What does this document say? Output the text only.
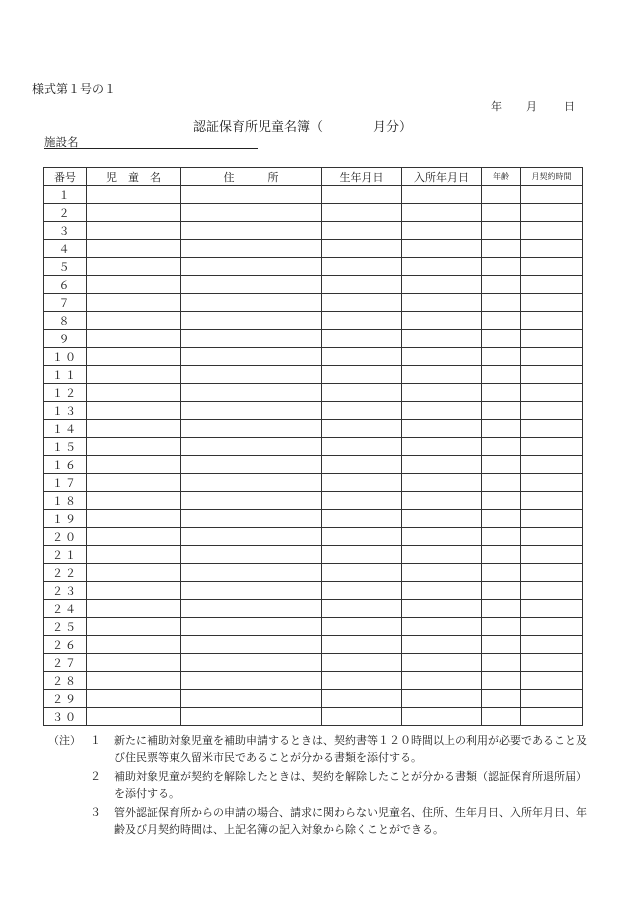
様式第１号の１
年 月 日
認証保育所児童名簿（	月分）
施設名
番号	児　童　名	住　　　所	生年月日	入所年月日	年齢	月契約時間
１						
２						
３						
４						
５						
６						
７						
８						
９						
１０						
１１						
１２						
１３						
１４						
１５						
１６						
１７						
１８						
１９						
２０						
２１						
２２						
２３						
２４						
２５						
２６						
２７						
２８						
２９						
３０						
（注） １	新たに補助対象児童を補助申請するときは、契約書等１２０時間以上の利用が必要であること及び住民票等東久留米市民であることが分かる書類を添付する。
２	補助対象児童が契約を解除したときは、契約を解除したことが分かる書類（認証保育所退所届）を添付する。
３	管外認証保育所からの申請の場合、請求に関わらない児童名、住所、生年月日、入所年月日、年齢及び月契約時間は、上記名簿の記入対象から除くことができる。
